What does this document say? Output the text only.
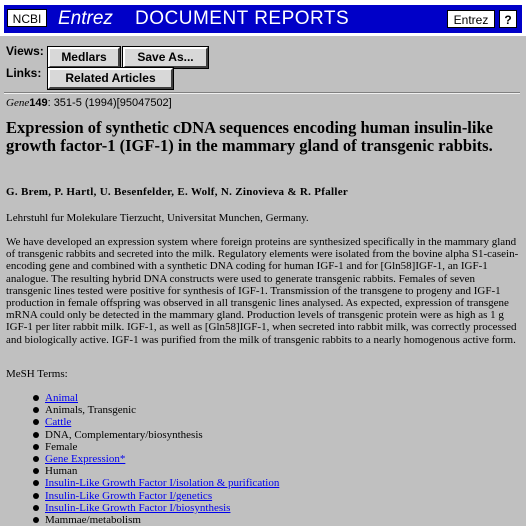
NCBI Entrez DOCUMENT REPORTS	Entrez	?
Views:	Medlars	Save As...
Links:	Related Articles
Gene149: 351-5 (1994)[95047502]
Expression of synthetic cDNA sequences encoding human insulin-like growth factor-1 (IGF-1) in the mammary gland of transgenic rabbits.
G. Brem, P. Hartl, U. Besenfelder, E. Wolf, N. Zinovieva & R. Pfaller
Lehrstuhl fur Molekulare Tierzucht, Universitat Munchen, Germany.

We have developed an expression system where foreign proteins are synthesized specifically in the mammary gland of transgenic rabbits and secreted into the milk. Regulatory elements were isolated from the bovine alpha S1-casein-encoding gene and combined with a synthetic DNA coding for human IGF-1 and for [Gln58]IGF-1, an IGF-1 analogue. The resulting hybrid DNA constructs were used to generate transgenic rabbits. Females of seven transgenic lines tested were positive for synthesis of IGF-1. Transmission of the transgene to progeny and IGF-1 production in female offspring was observed in all transgenic lines analysed. As expected, expression of transgene mRNA could only be detected in the mammary gland. Production levels of transgenic protein were as high as 1 g IGF-1 per liter rabbit milk. IGF-1, as well as [Gln58]IGF-1, when secreted into rabbit milk, was correctly processed and biologically active. IGF-1 was purified from the milk of transgenic rabbits to a nearly homogenous active form.

MeSH Terms:
Animal
Animals, Transgenic
Cattle
DNA, Complementary/biosynthesis
Female
Gene Expression*
Human
Insulin-Like Growth Factor I/isolation & purification
Insulin-Like Growth Factor I/genetics
Insulin-Like Growth Factor I/biosynthesis
Mammae/metabolism
